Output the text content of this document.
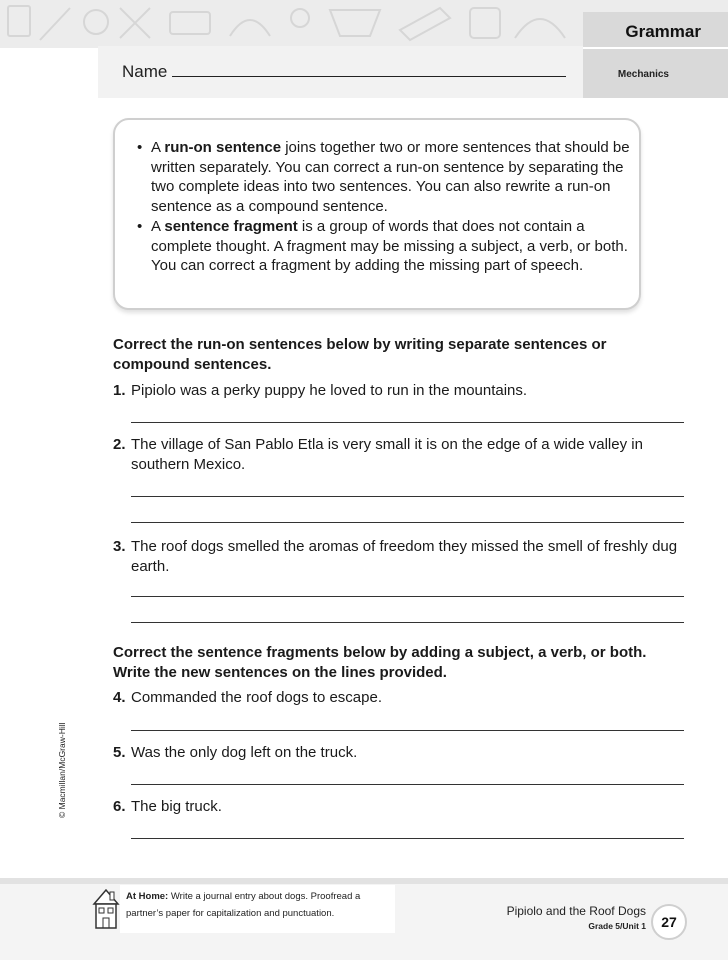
Grammar
Mechanics
Name
• A run-on sentence joins together two or more sentences that should be written separately. You can correct a run-on sentence by separating the two complete ideas into two sentences. You can also rewrite a run-on sentence as a compound sentence.
• A sentence fragment is a group of words that does not contain a complete thought. A fragment may be missing a subject, a verb, or both. You can correct a fragment by adding the missing part of speech.
Correct the run-on sentences below by writing separate sentences or compound sentences.
1. Pipiolo was a perky puppy he loved to run in the mountains.
2. The village of San Pablo Etla is very small it is on the edge of a wide valley in southern Mexico.
3. The roof dogs smelled the aromas of freedom they missed the smell of freshly dug earth.
Correct the sentence fragments below by adding a subject, a verb, or both. Write the new sentences on the lines provided.
4. Commanded the roof dogs to escape.
5. Was the only dog left on the truck.
6. The big truck.
© Macmillan/McGraw-Hill
At Home: Write a journal entry about dogs. Proofread a partner’s paper for capitalization and punctuation.	Pipiolo and the Roof Dogs
Grade 5/Unit 1	27
